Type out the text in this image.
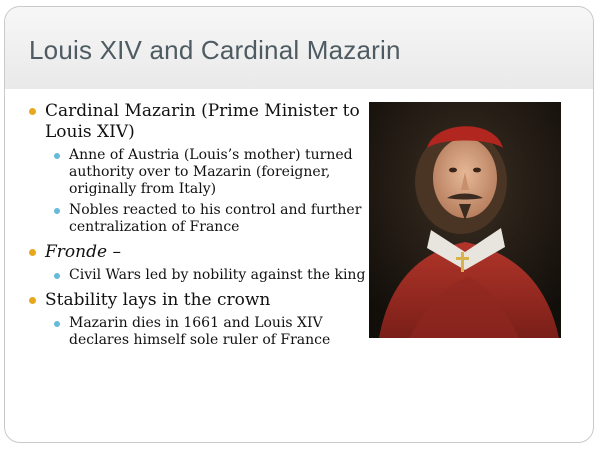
Louis XIV and Cardinal Mazarin
Cardinal Mazarin (Prime Minister to Louis XIV)
Anne of Austria (Louis’s mother) turned authority over to Mazarin (foreigner, originally from Italy)
Nobles reacted to his control and further centralization of France
Fronde –
Civil Wars led by nobility against the king
Stability lays in the crown
Mazarin dies in 1661 and Louis XIV declares himself sole ruler of France
